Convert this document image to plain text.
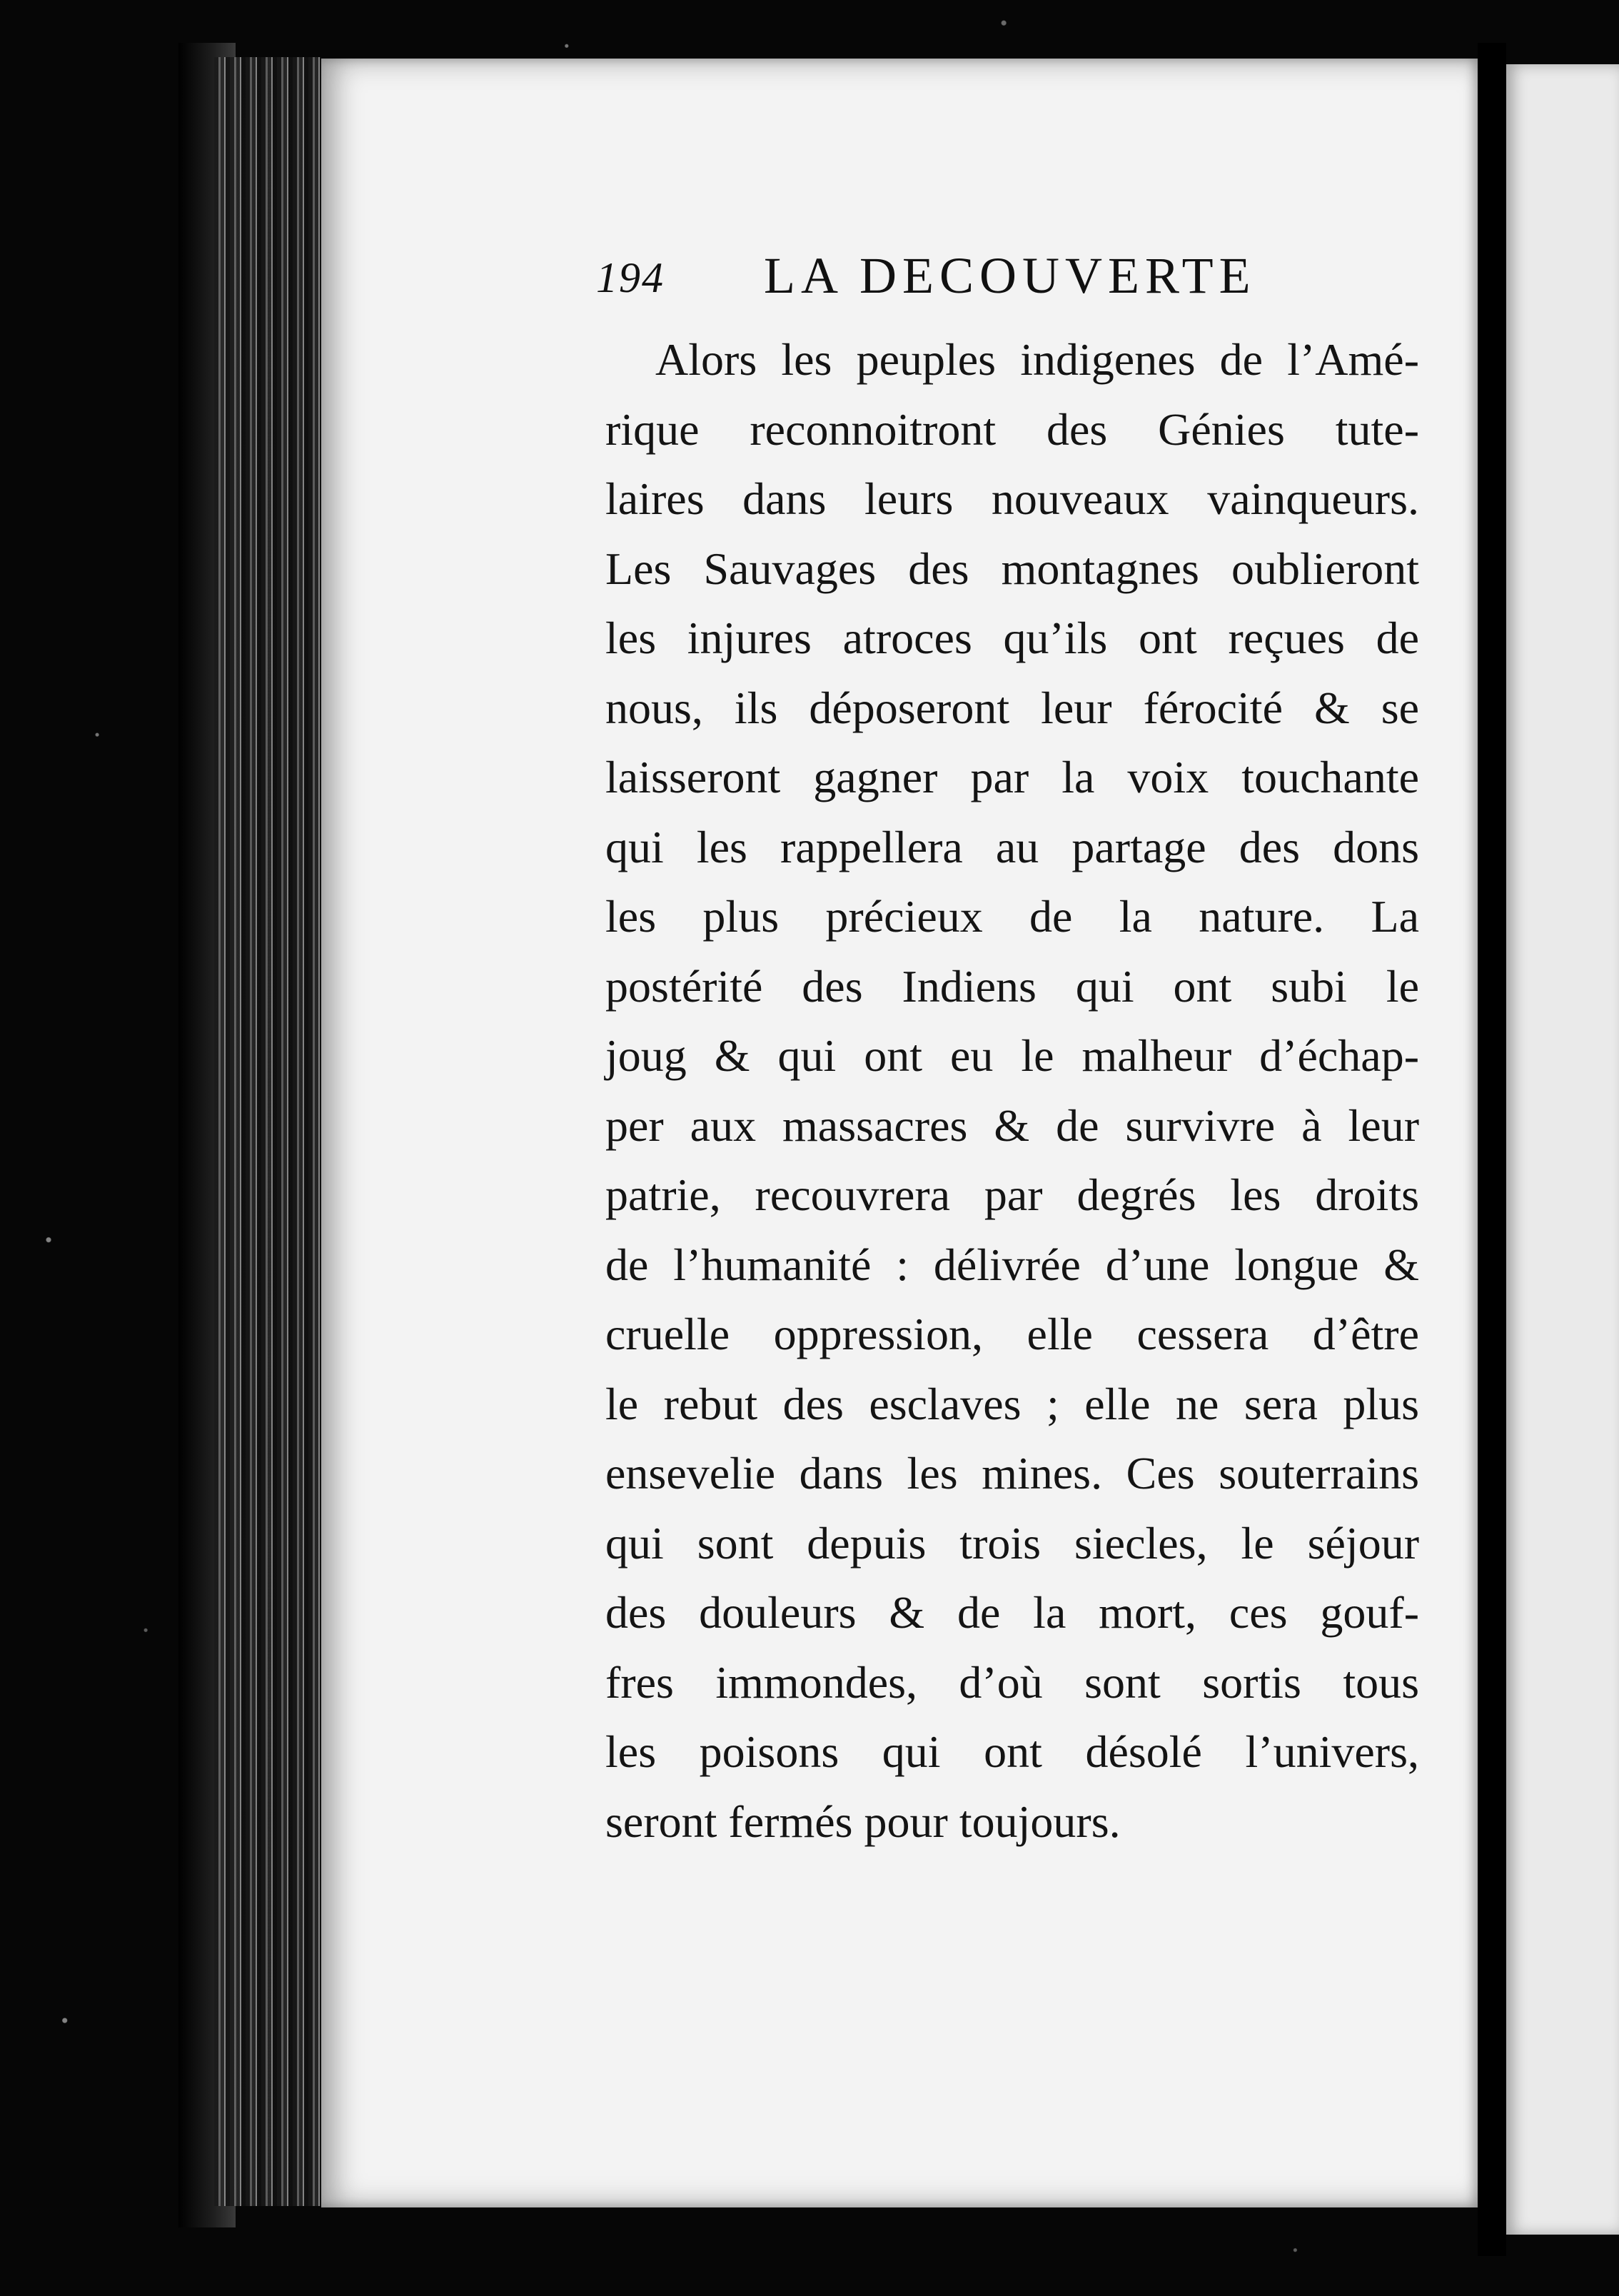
194 LA DECOUVERTE
Alors les peuples indigenes de l’Amé-
rique reconnoitront des Génies tute-
laires dans leurs nouveaux vainqueurs.
Les Sauvages des montagnes oublieront
les injures atroces qu’ils ont reçues de
nous, ils déposeront leur férocité & se
laisseront gagner par la voix touchante
qui les rappellera au partage des dons
les plus précieux de la nature. La
postérité des Indiens qui ont subi le
joug & qui ont eu le malheur d’échap-
per aux massacres & de survivre à leur
patrie, recouvrera par degrés les droits
de l’humanité : délivrée d’une longue &
cruelle oppression, elle cessera d’être
le rebut des esclaves ; elle ne sera plus
ensevelie dans les mines. Ces souterrains
qui sont depuis trois siecles, le séjour
des douleurs & de la mort, ces gouf-
fres immondes, d’où sont sortis tous
les poisons qui ont désolé l’univers,
seront fermés pour toujours.
